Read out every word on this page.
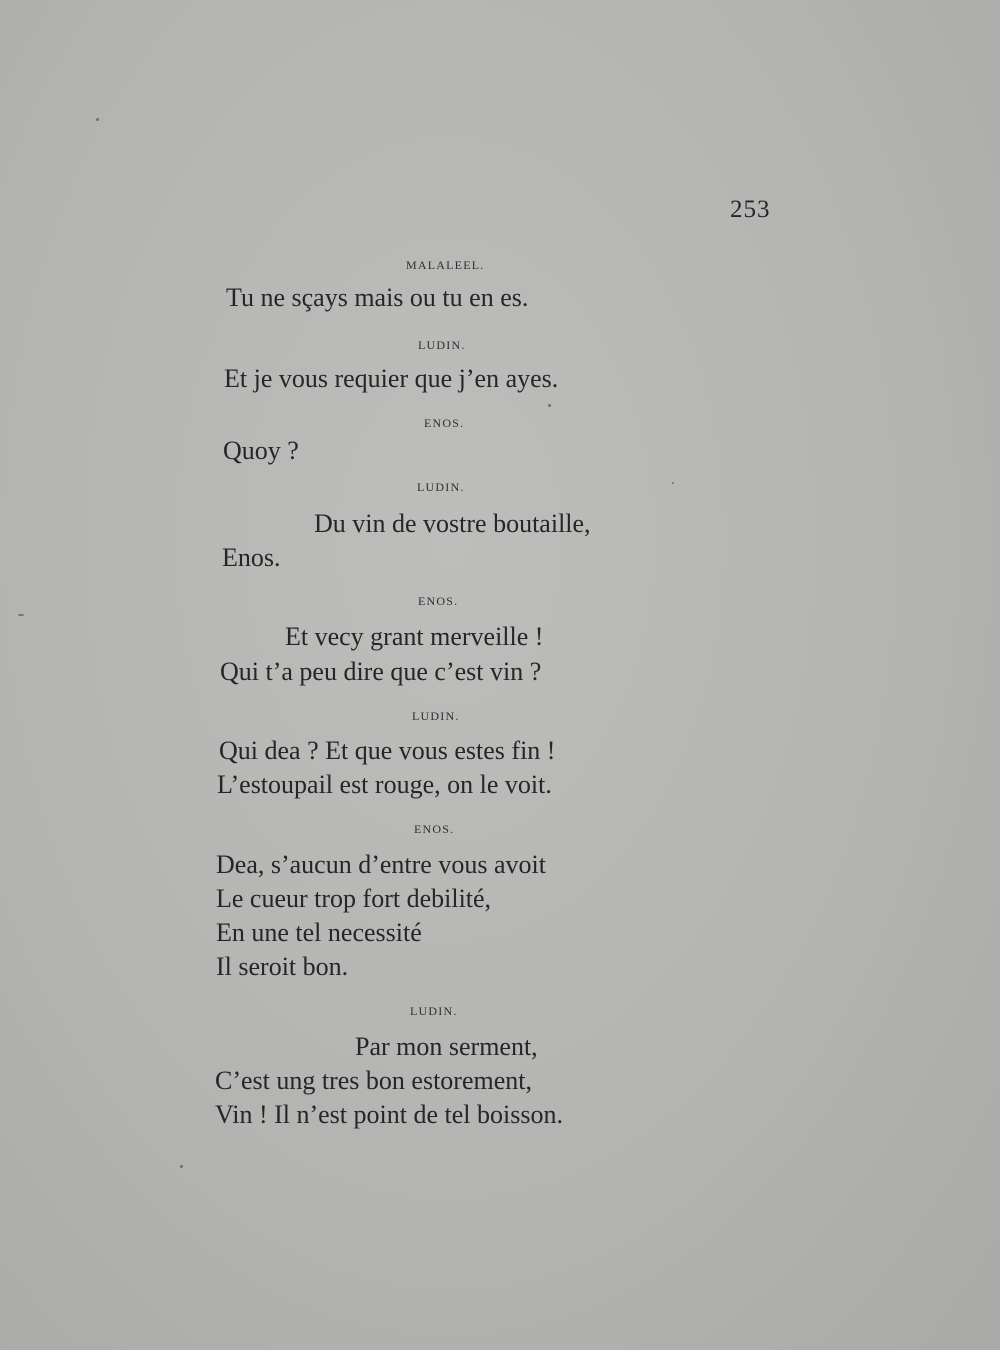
253
MALALEEL.
Tu ne sçays mais ou tu en es.
LUDIN.
Et je vous requier que j’en ayes.
ENOS.
Quoy ?
LUDIN.
Du vin de vostre boutaille,
Enos.
ENOS.
Et vecy grant merveille !
Qui t’a peu dire que c’est vin ?
LUDIN.
Qui dea ? Et que vous estes fin !
L’estoupail est rouge, on le voit.
ENOS.
Dea, s’aucun d’entre vous avoit
Le cueur trop fort debilité,
En une tel necessité
Il seroit bon.
LUDIN.
Par mon serment,
C’est ung tres bon estorement,
Vin ! Il n’est point de tel boisson.
